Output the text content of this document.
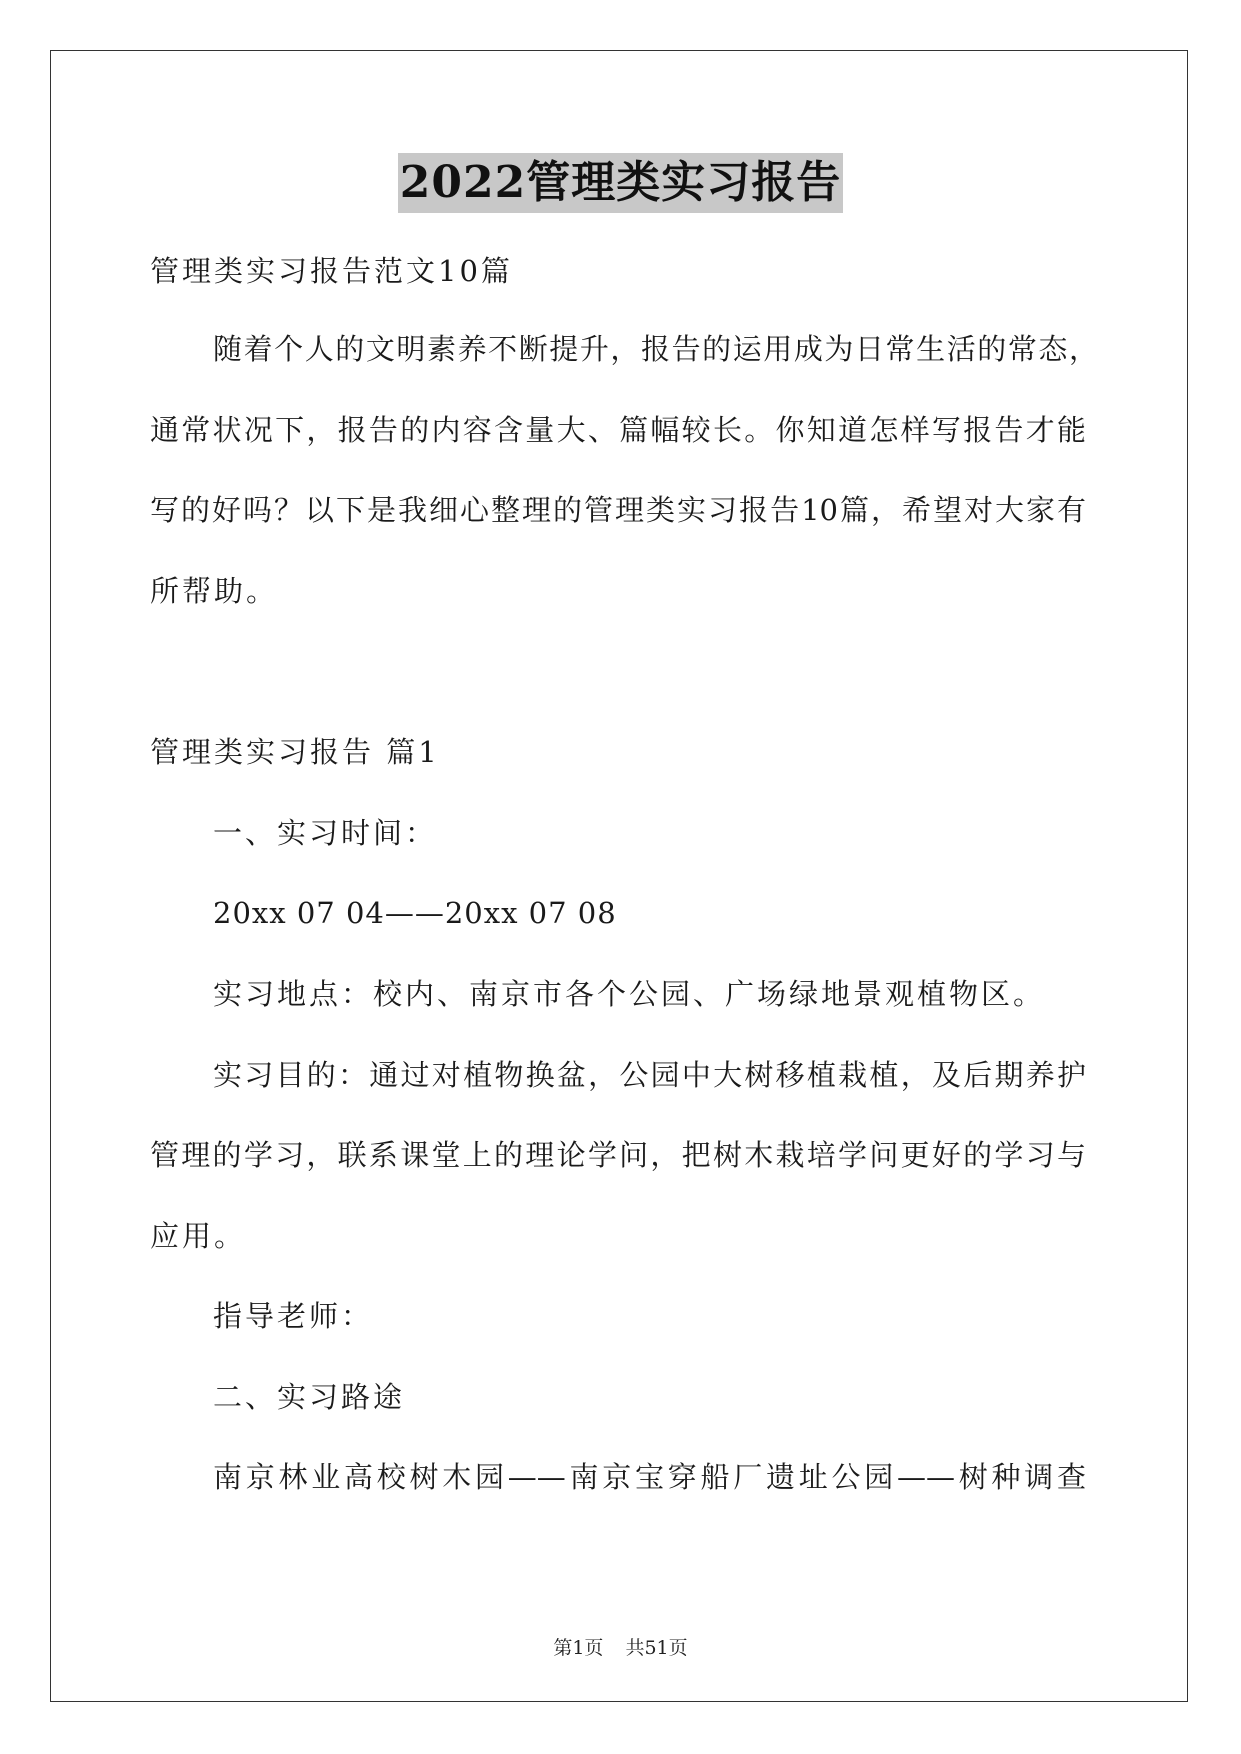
2022管理类实习报告
管理类实习报告范文10篇
随着个人的文明素养不断提升，报告的运用成为日常生活的常态，
通常状况下，报告的内容含量大、篇幅较长。你知道怎样写报告才能
写的好吗？以下是我细心整理的管理类实习报告10篇，希望对大家有
所帮助。
管理类实习报告 篇1
一、实习时间：
20xx 07 04——20xx 07 08
实习地点：校内、南京市各个公园、广场绿地景观植物区。
实习目的：通过对植物换盆，公园中大树移植栽植，及后期养护
管理的学习，联系课堂上的理论学问，把树木栽培学问更好的学习与
应用。
指导老师：
二、实习路途
南京林业高校树木园——南京宝穿船厂遗址公园——树种调查
第1页 共51页
